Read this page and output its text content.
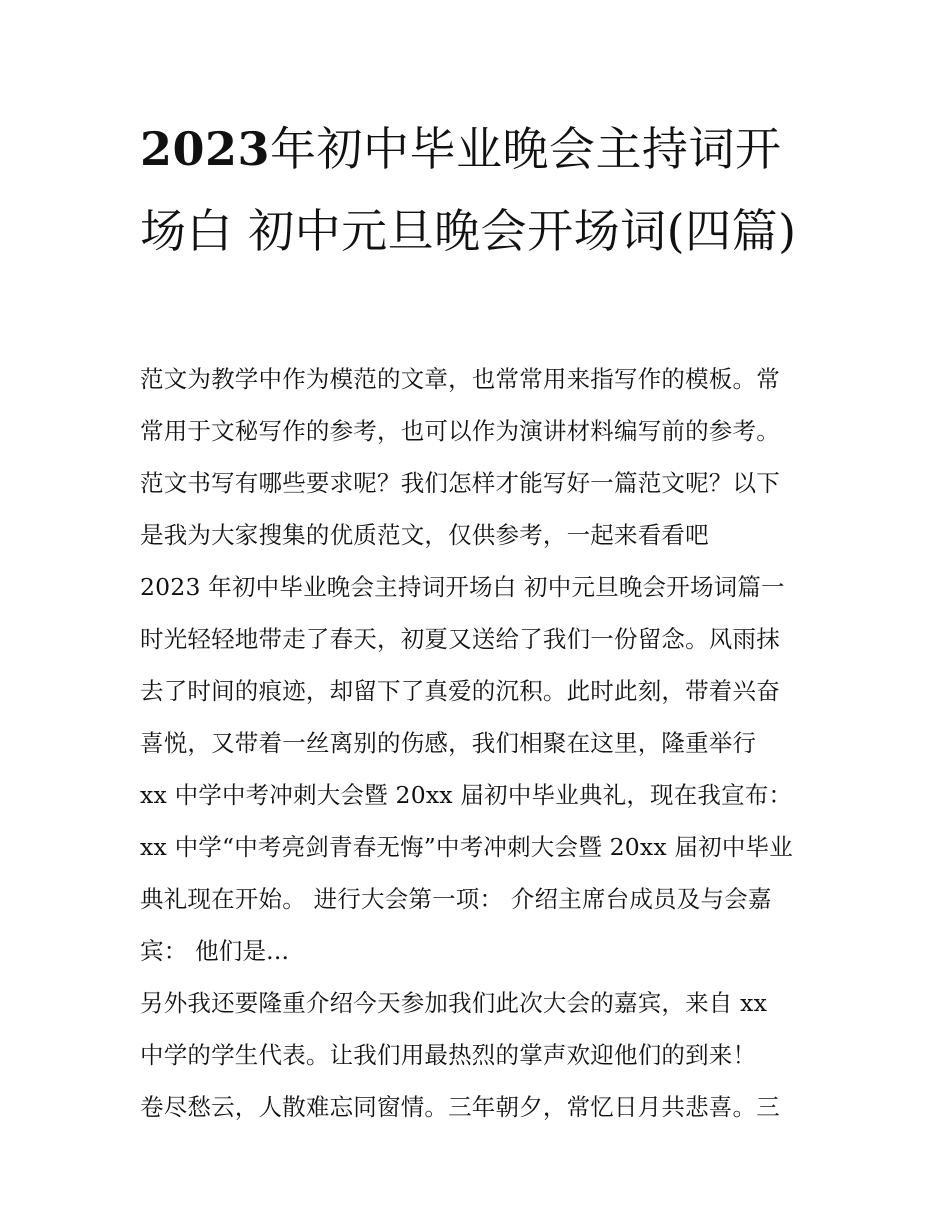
2023年初中毕业晚会主持词开场白 初中元旦晚会开场词(四篇)
范文为教学中作为模范的文章，也常常用来指写作的模板。常
常用于文秘写作的参考，也可以作为演讲材料编写前的参考。
范文书写有哪些要求呢？我们怎样才能写好一篇范文呢？以下
是我为大家搜集的优质范文，仅供参考，一起来看看吧
2023 年初中毕业晚会主持词开场白 初中元旦晚会开场词篇一
时光轻轻地带走了春天，初夏又送给了我们一份留念。风雨抹
去了时间的痕迹，却留下了真爱的沉积。此时此刻，带着兴奋
喜悦，又带着一丝离别的伤感，我们相聚在这里，隆重举行
xx 中学中考冲刺大会暨 20xx 届初中毕业典礼，现在我宣布：
xx 中学“中考亮剑青春无悔”中考冲刺大会暨 20xx 届初中毕业
典礼现在开始。 进行大会第一项： 介绍主席台成员及与会嘉
宾： 他们是...
另外我还要隆重介绍今天参加我们此次大会的嘉宾，来自 xx
中学的学生代表。让我们用最热烈的掌声欢迎他们的到来！
卷尽愁云，人散难忘同窗情。三年朝夕，常忆日月共悲喜。三
